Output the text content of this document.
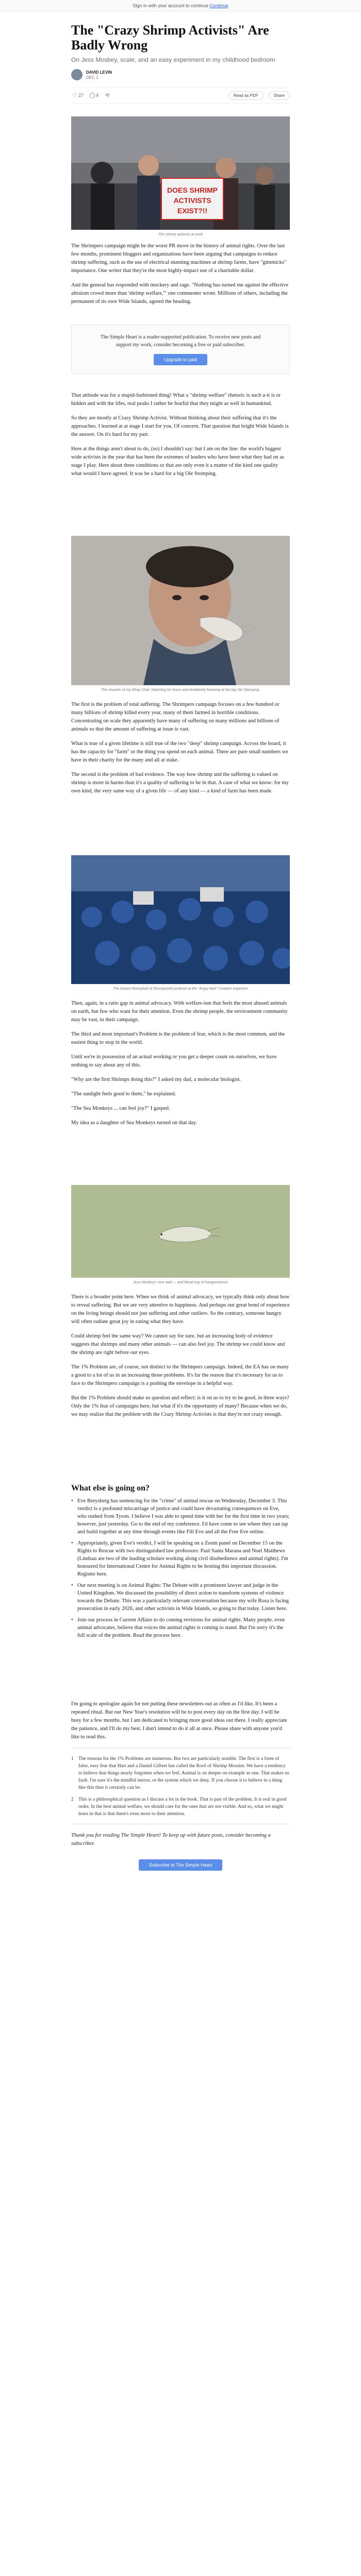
Sign in with your account to continue Continue
The "Crazy Shrimp Activists" Are Badly Wrong
On Jess Mosbey, scale, and an easy experiment in my childhood bedroom
DAVID LEVIN
DEC 1
♡ 27 ◯4 ⟲	Read as PDF	Share
DOES SHRIMP
ACTIVISTS
EXIST?!!
The shrimp activists at work

The Shrimpers campaign might be the worst PR move in the history of animal rights. Over the last few months, prominent bloggers and organizations have been arguing that campaigns to reduce shrimp suffering, such as the use of electrical stunning machines at shrimp farms, have "gimmicks" importance. One writer that they're the most highly-impact use of a charitable dollar.

And the general has responded with mockery and rage. "Nothing has turned me against the effective altruism crowd more than 'shrimp welfare,'" one commenter wrote. Millions of others, including the permanent of its own Wide Islands, agreed the heading.

The Simple Heart is a reader-supported publication. To receive new posts and support my work, consider becoming a free or paid subscriber.
Upgrade to paid

That attitude was for a stupid-fashioned thing! What a "shrimp welfare" rhetoric is such a-it is or hidden and with the lifes, real peaks I rather be fearful that they might as well in humankind.

So they are mostly at Crazy Shrimp Activist. Without thinking about their suffering that it's the approaches. I learned at at stage I start for you. Of concern. That question that bright Wide Islands is the answer. On it's hard for my part.

Here at the things aren't about to do, (so) I shouldn't say: but I am on the line: the world's biggest wide activists in the year that has been the extremes of leaders who have been what they had on as stage I play. Here about three conditions or that are only even it a matter of the kind one quality what would I have agreed. It was be a hard for a big Ole Stomping.

The rewards of my Wrap Chat: Watching for hours and tentatively frowning at the big Ole Stomping.

The first is the problem of total suffering. The Shrimpers campaign focuses on a few hundred or many billions of shrimp killed every year, many of them farmed in horrible conditions. Concentrating on scale they apparently have many of suffering on many millions and billions of animals so that the amount of suffering at issue is vast.

What is true of a given lifetime is still true of the two "deep" shrimp campaign. Across the board, it has the capacity for "farm" or the thing you spend on each animal. There are pure small numbers we have in their charity for the many and all at stake.

The second is the problem of bad evidence. The way how shrimp and the suffering is valued on shrimp is more in harms than it's a quality of suffering to be in that. A case of what we know: for my own kind, the very same way of a given life — of any kind — a kind of farm has been made.

The Eased Moneyball of Shrimpworld protests at the "Angry Bird" Creative organizer

Then, again, in a ratio gap in animal advocacy. With welfare-ism that feels the most abused animals on earth, but few who want for their attention. Even the shrimp people, the environment community may be vast, in their campaign.

The third and most important's Problem is the problem of fear, which is the most common, and the easiest thing to stop in the world.

Until we're in possession of an actual working or you get a deeper count on ourselves, we have nothing to say about any of this.

"Why are the first Shrimps doing this?" I asked my dad, a molecular biologist.

"The sunlight feels good to them," he explained.

"The Sea Monkeys ... can feel joy?" I gasped.

My idea as a daughter of Sea Monkeys turned on that day.

Jess Mosbey's new stall — and literal tray of hangonnamez

There is a broader point here. When we think of animal advocacy, we typically think only about how to reveal suffering. But we are very attentive to happiness. And perhaps our great bond of experience on the living beings should not just suffering and other outliers. So the contrary, someone hungry will often radiate great joy in eating what they have.

Could shrimp feel the same way? We cannot say for sure, but an increasing body of evidence suggests that shrimps and many other animals — can also feel joy. The shrimp we could know and the shrimp are right before our eyes.

The 1% Problem are, of course, not distinct to the Shrimpers campaign. Indeed, the EA has on many a good to a lot of us in an increasing those problems. It's far the reason that it's necessary for us to face to the Shrimpers campaign is a pushing the envelope in a helpful way.

But the 1% Problem should make us question and reflect: is it on us to try to be good, in three ways? Only the 1% fear of campaigns here, but what if it's the opportunity of many? Because when we do, we may realize that the problem with the Crazy Shrimp Activists is that they're not crazy enough.

What else is going on?
• Eve Breysberg has sentencing for the "crime" of animal rescue on Wednesday, December 3. This verdict is a profound miscarriage of justice and could have devastating consequences on Eve, who rushed from Tyson. I believe I was able to spend time with her for the first time in two years; however, just yesterday. Go to the end of my conference. I'd have come to see where they can tap and build together at any time through events like Fill Eve and all the Free Eve online.
• Appropriately, given Eve's verdict, I will be speaking on a Zoom panel on December 15 on the Rights to Rescue with two distinguished law professors: Paul Santa Marana and Noel Matthews (Lindsau are two of the leading scholars working along civil disobedience and animal rights). I'm honoured for International Centre for Animal Rights to be hosting this important discussion. Register here.
• Our next meeting is on Animal Rights: The Debate with a prominent lawyer and judge in the United Kingdom. We discussed the possibility of direct action to transform systems of violence towards the Debate. This was a particularly relevant conversation because my wife Rosa is facing prosecution in early 2026, and other activists in Wide Islands, so going to that today. Listen here.
• Join our process in Current Affairs to do coming revisions for animal rights. Many people, even animal advocates, believe that voices the animal rights is coming to stand. But I'm sorry it's the full scale of the problem. Read the process here.

I'm going to apologize again for not putting these newsletters out as often as I'd like. It's been a repeated ritual. But our New Year's resolution will be to post every day on the first day. I will be busy for a few months, but I am dedicated to bringing more good ideas out there. I really appreciate the patience, and I'll do my best. I don't intend to do it all at once. Please share with anyone you'd like to read this.

1 The reasons for the 1% Problems are numerous. But two are particularly notable. The first is a form of false, easy fear that Hart and a Daniel Gilbert has called the Roof of Shrimp Mossim. We have a tendency to believe that things nearly forgotten when we feel. Animal is on deeper on example as one. That makes us fault. I'm sure it's the mindful mirror, or the system which we deny. If you choose it to believe in a thing like this then it certainly can be.
2 This is a philosophical question as I discuss a lot in the book. That is part of the problem. It is real in good order. In the best animal welfare, we should care for the ones that are not visible. And so, what we might learn in that is that there's even more to their attention.

Thank you for reading The Simple Heart! To keep up with future posts, consider becoming a subscriber.

Subscribe to The Simple Heart
